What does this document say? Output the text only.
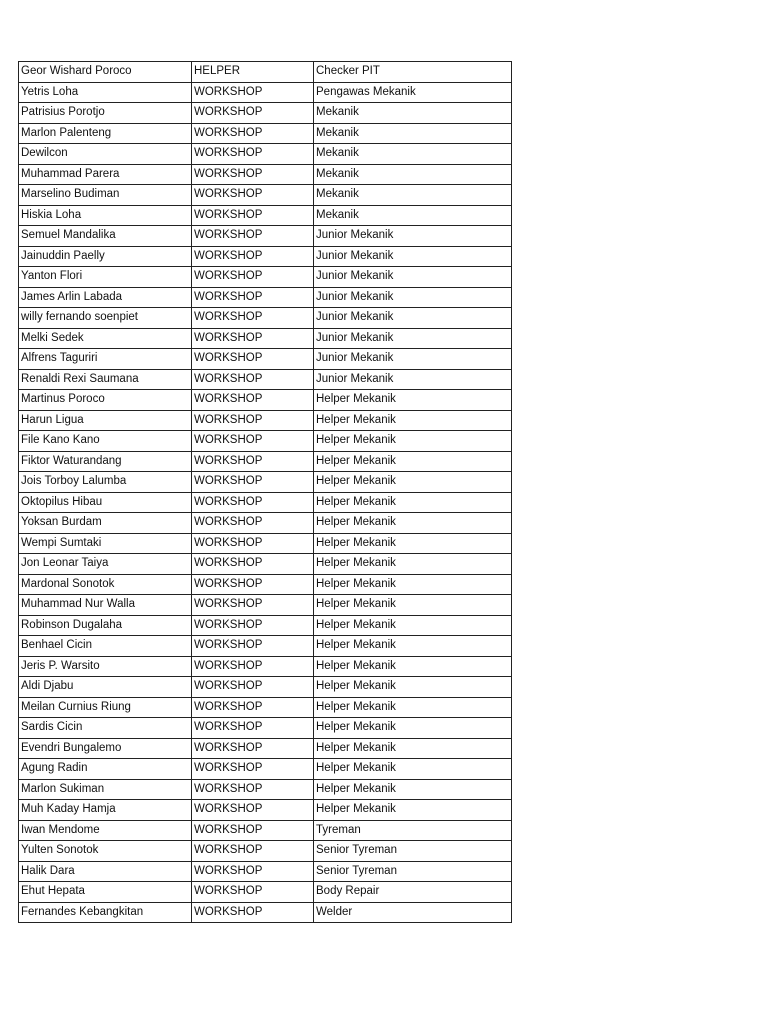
Geor Wishard Poroco	HELPER	Checker PIT
Yetris Loha	WORKSHOP	Pengawas Mekanik
Patrisius Porotjo	WORKSHOP	Mekanik
Marlon Palenteng	WORKSHOP	Mekanik
Dewilcon	WORKSHOP	Mekanik
Muhammad Parera	WORKSHOP	Mekanik
Marselino Budiman	WORKSHOP	Mekanik
Hiskia Loha	WORKSHOP	Mekanik
Semuel Mandalika	WORKSHOP	Junior Mekanik
Jainuddin Paelly	WORKSHOP	Junior Mekanik
Yanton Flori	WORKSHOP	Junior Mekanik
James Arlin Labada	WORKSHOP	Junior Mekanik
willy fernando soenpiet	WORKSHOP	Junior Mekanik
Melki Sedek	WORKSHOP	Junior Mekanik
Alfrens Taguriri	WORKSHOP	Junior Mekanik
Renaldi Rexi Saumana	WORKSHOP	Junior Mekanik
Martinus Poroco	WORKSHOP	Helper Mekanik
Harun Ligua	WORKSHOP	Helper Mekanik
File Kano Kano	WORKSHOP	Helper Mekanik
Fiktor Waturandang	WORKSHOP	Helper Mekanik
Jois Torboy Lalumba	WORKSHOP	Helper Mekanik
Oktopilus Hibau	WORKSHOP	Helper Mekanik
Yoksan Burdam	WORKSHOP	Helper Mekanik
Wempi Sumtaki	WORKSHOP	Helper Mekanik
Jon Leonar Taiya	WORKSHOP	Helper Mekanik
Mardonal Sonotok	WORKSHOP	Helper Mekanik
Muhammad Nur Walla	WORKSHOP	Helper Mekanik
Robinson Dugalaha	WORKSHOP	Helper Mekanik
Benhael Cicin	WORKSHOP	Helper Mekanik
Jeris P. Warsito	WORKSHOP	Helper Mekanik
Aldi Djabu	WORKSHOP	Helper Mekanik
Meilan Curnius Riung	WORKSHOP	Helper Mekanik
Sardis Cicin	WORKSHOP	Helper Mekanik
Evendri Bungalemo	WORKSHOP	Helper Mekanik
Agung Radin	WORKSHOP	Helper Mekanik
Marlon Sukiman	WORKSHOP	Helper Mekanik
Muh Kaday Hamja	WORKSHOP	Helper Mekanik
Iwan Mendome	WORKSHOP	Tyreman
Yulten Sonotok	WORKSHOP	Senior Tyreman
Halik Dara	WORKSHOP	Senior Tyreman
Ehut Hepata	WORKSHOP	Body Repair
Fernandes Kebangkitan	WORKSHOP	Welder
